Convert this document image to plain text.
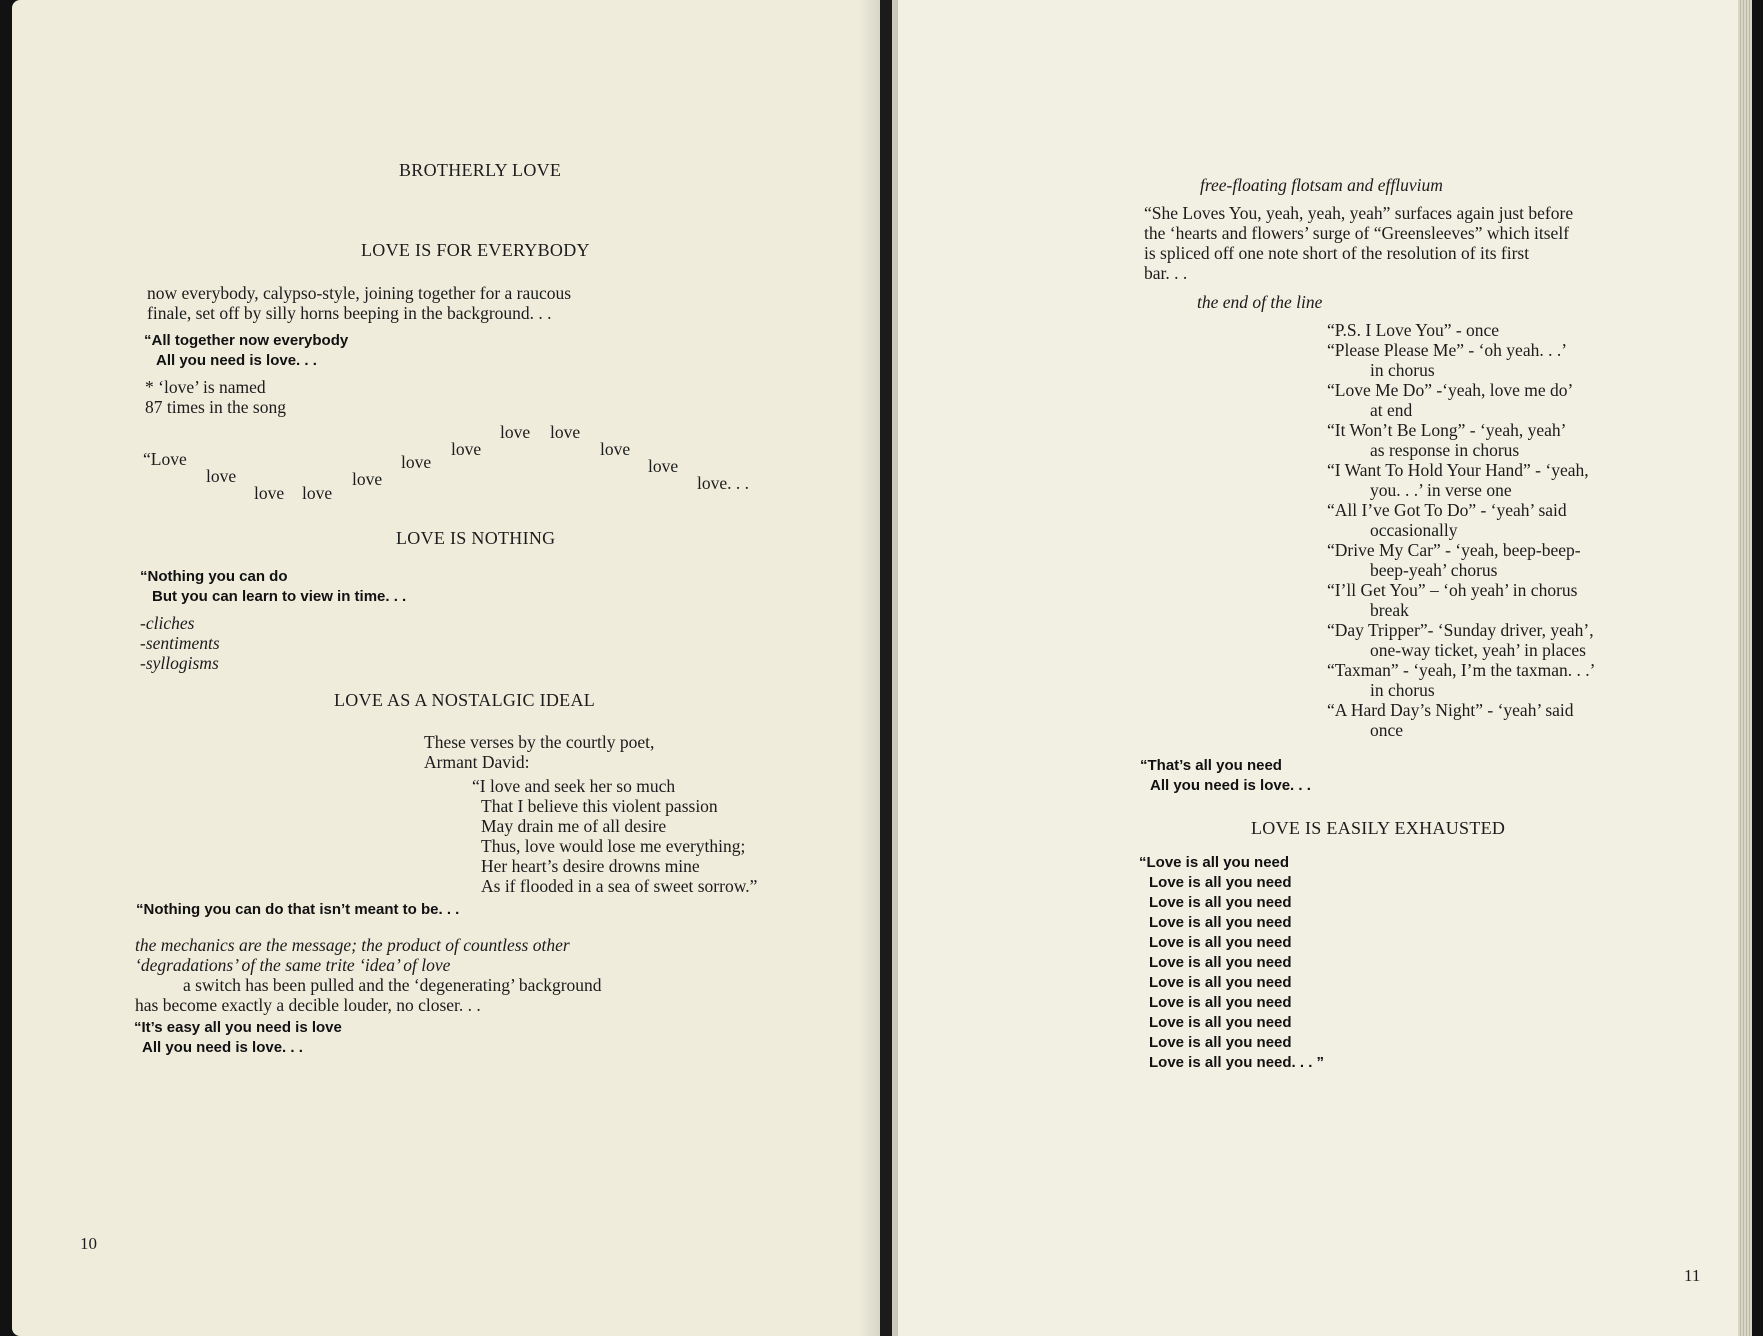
BROTHERLY LOVE
LOVE IS FOR EVERYBODY
now everybody, calypso-style, joining together for a raucous
finale, set off by silly horns beeping in the background. . .
“All together now everybody
All you need is love. . .
* ‘love’ is named
87 times in the song
“Love
love
love love
love
love
love
love love
love
love
love. . .
LOVE IS NOTHING
“Nothing you can do
But you can learn to view in time. . .
-cliches
-sentiments
-syllogisms
LOVE AS A NOSTALGIC IDEAL
These verses by the courtly poet,
Armant David:
“I love and seek her so much
That I believe this violent passion
May drain me of all desire
Thus, love would lose me everything;
Her heart’s desire drowns mine
As if flooded in a sea of sweet sorrow.”
“Nothing you can do that isn’t meant to be. . .
the mechanics are the message; the product of countless other
‘degradations’ of the same trite ‘idea’ of love
a switch has been pulled and the ‘degenerating’ background
has become exactly a decible louder, no closer. . .
“It’s easy all you need is love
All you need is love. . .
10
free-floating flotsam and effluvium
“She Loves You, yeah, yeah, yeah” surfaces again just before
the ‘hearts and flowers’ surge of “Greensleeves” which itself
is spliced off one note short of the resolution of its first
bar. . .
the end of the line
“P.S. I Love You” - once
“Please Please Me” - ‘oh yeah. . .’
in chorus
“Love Me Do” -‘yeah, love me do’
at end
“It Won’t Be Long” - ‘yeah, yeah’
as response in chorus
“I Want To Hold Your Hand” - ‘yeah,
you. . .’ in verse one
“All I’ve Got To Do” - ‘yeah’ said
occasionally
“Drive My Car” - ‘yeah, beep-beep-
beep-yeah’ chorus
“I’ll Get You” – ‘oh yeah’ in chorus
break
“Day Tripper”- ‘Sunday driver, yeah’,
one-way ticket, yeah’ in places
“Taxman” - ‘yeah, I’m the taxman. . .’
in chorus
“A Hard Day’s Night” - ‘yeah’ said
once
“That’s all you need
All you need is love. . .
LOVE IS EASILY EXHAUSTED
“Love is all you need
Love is all you need
Love is all you need
Love is all you need
Love is all you need
Love is all you need
Love is all you need
Love is all you need
Love is all you need
Love is all you need
Love is all you need. . . ”
11
